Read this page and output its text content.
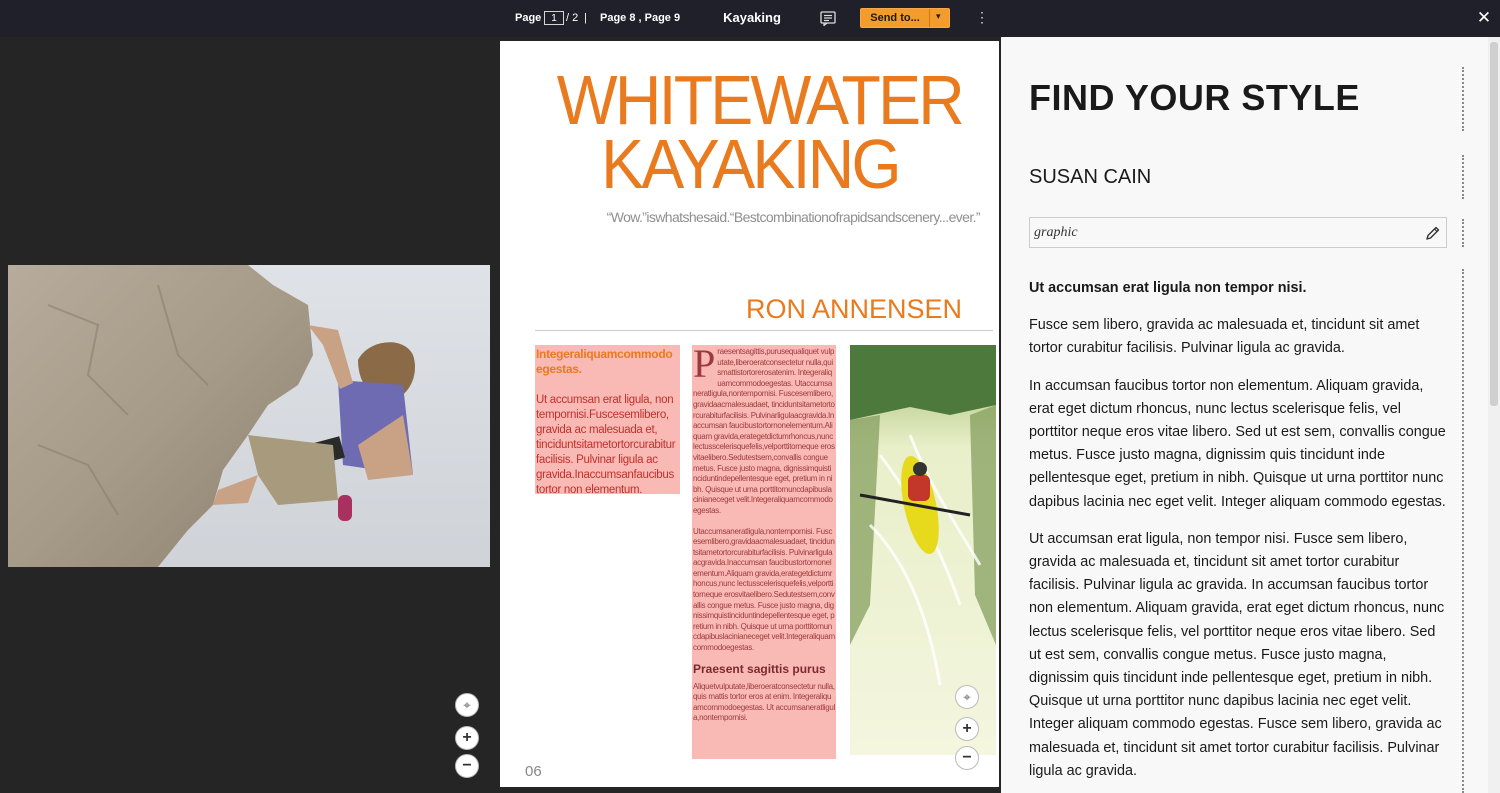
Page
1 / 2 | Page 8 , Page 9	Kayaking	Send to...	▾ ⋮	✕
⌖
+
−
WHITEWATER
KAYAKING
“Wow.”iswhatshesaid.“Bestcombinationofrapidsandscenery...ever.”
RON ANNENSEN
Integeraliquamcommodo egestas.
Ut accumsan erat ligula, non tempornisi.Fuscesemlibero, gravida ac malesuada et, tinciduntsitametortorcurabitur facilisis. Pulvinar ligula ac gravida.Inaccumsanfaucibus tortor non elementum.
P raesentsagittis,purusequaliquet vulputate,liberoeratconsectetur nulla,quismattistortorerosatenim. Integeraliquamcommodoegestas. Utaccumsaneratligula,nontempornisi. Fuscesemlibero,gravidaacmalesuadaet, tinciduntsitametortorcurabiturfacilisis. Pulvinarligulaacgravida.Inaccumsan faucibustortornonelementum.Aliquam gravida,erategetdictumrhoncus,nunc lectusscelerisquefelis,velporttitorneque erosvitaelibero.Sedutestsem,convallis congue metus. Fusce justo magna, dignissimquistinciduntindepellentesque eget, pretium in nibh. Quisque ut urna porttitornuncdapibuslacinianeceget velit.Integeraliquamcommodoegestas.
Utaccumsaneratligula,nontempornisi. Fuscesemlibero,gravidaacmalesuadaet, tinciduntsitametortorcurabiturfacilisis. Pulvinarligulaacgravida.Inaccumsan faucibustortornonelementum.Aliquam gravida,erategetdictumrhoncus,nunc lectusscelerisquefelis,velporttitorneque erosvitaelibero.Sedutestsem,convallis congue metus. Fusce justo magna, dignissimquistinciduntindepellentesque eget, pretium in nibh. Quisque ut urna porttitornuncdapibuslacinianeceget velit.Integeraliquamcommodoegestas.
Praesent sagittis purus
Aliquetvulputate,liberoeratconsectetur nulla, quis mattis tortor eros at enim. Integeraliquamcommodoegestas. Ut accumsaneratligula,nontempornisi.
06
⌖
+
−
FIND YOUR STYLE
SUSAN CAIN
graphic
Ut accumsan erat ligula non tempor nisi.

Fusce sem libero, gravida ac malesuada et, tincidunt sit amet tortor curabitur facilisis. Pulvinar ligula ac gravida.

In accumsan faucibus tortor non elementum. Aliquam gravida, erat eget dictum rhoncus, nunc lectus scelerisque felis, vel porttitor neque eros vitae libero. Sed ut est sem, convallis congue metus. Fusce justo magna, dignissim quis tincidunt inde pellentesque eget, pretium in nibh. Quisque ut urna porttitor nunc dapibus lacinia nec eget velit. Integer aliquam commodo egestas.

Ut accumsan erat ligula, non tempor nisi. Fusce sem libero, gravida ac malesuada et, tincidunt sit amet tortor curabitur facilisis. Pulvinar ligula ac gravida. In accumsan faucibus tortor non elementum. Aliquam gravida, erat eget dictum rhoncus, nunc lectus scelerisque felis, vel porttitor neque eros vitae libero. Sed ut est sem, convallis congue metus. Fusce justo magna, dignissim quis tincidunt inde pellentesque eget, pretium in nibh. Quisque ut urna porttitor nunc dapibus lacinia nec eget velit. Integer aliquam commodo egestas. Fusce sem libero, gravida ac malesuada et, tincidunt sit amet tortor curabitur facilisis. Pulvinar ligula ac gravida.
